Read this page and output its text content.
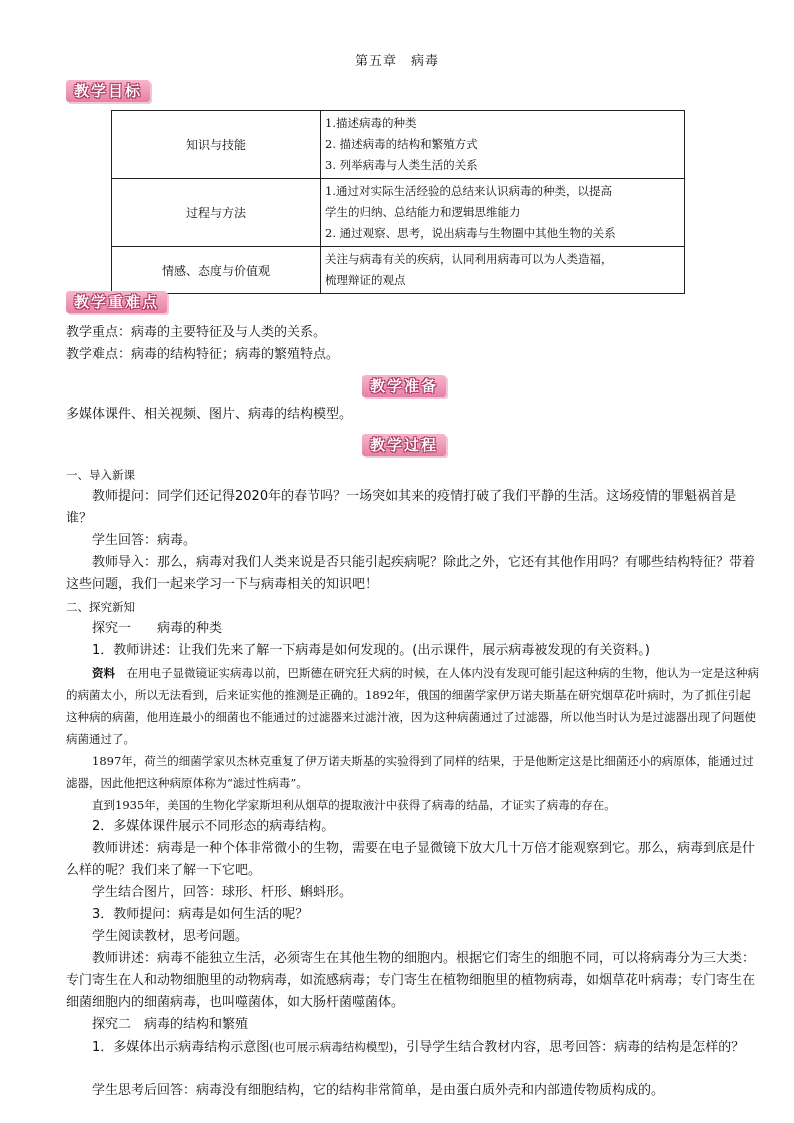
第五章　病毒
教学目标
知识与技能	1.描述病毒的种类
2. 描述病毒的结构和繁殖方式
3. 列举病毒与人类生活的关系

过程与方法	1.通过对实际生活经验的总结来认识病毒的种类，以提高
学生的归纳、总结能力和逻辑思维能力
2. 通过观察、思考，说出病毒与生物圈中其他生物的关系

情感、态度与价值观	关注与病毒有关的疾病，认同利用病毒可以为人类造福，
梳理辩证的观点
教学重难点
教学重点：病毒的主要特征及与人类的关系。
教学难点：病毒的结构特征；病毒的繁殖特点。
教学准备
多媒体课件、相关视频、图片、病毒的结构模型。
教学过程
一、导入新课
教师提问：同学们还记得2020年的春节吗？一场突如其来的疫情打破了我们平静的生活。这场疫情的罪魁祸首是谁？
学生回答：病毒。
教师导入：那么，病毒对我们人类来说是否只能引起疾病呢？除此之外，它还有其他作用吗？有哪些结构特征？带着这些问题，我们一起来学习一下与病毒相关的知识吧！
二、探究新知
探究一　　病毒的种类
1．教师讲述：让我们先来了解一下病毒是如何发现的。(出示课件，展示病毒被发现的有关资料。)
资料　 在用电子显微镜证实病毒以前，巴斯德在研究狂犬病的时候，在人体内没有发现可能引起这种病的生物，他认为一定是这种病的病菌太小，所以无法看到，后来证实他的推测是正确的。1892年，俄国的细菌学家伊万诺夫斯基在研究烟草花叶病时，为了抓住引起这种病的病菌，他用连最小的细菌也不能通过的过滤器来过滤汁液，因为这种病菌通过了过滤器，所以他当时认为是过滤器出现了问题使病菌通过了。
1897年，荷兰的细菌学家贝杰林克重复了伊万诺夫斯基的实验得到了同样的结果，于是他断定这是比细菌还小的病原体，能通过过滤器，因此他把这种病原体称为“滤过性病毒”。
直到1935年，美国的生物化学家斯坦利从烟草的提取液汁中获得了病毒的结晶，才证实了病毒的存在。
2．多媒体课件展示不同形态的病毒结构。
教师讲述：病毒是一种个体非常微小的生物，需要在电子显微镜下放大几十万倍才能观察到它。那么，病毒到底是什么样的呢？我们来了解一下它吧。
学生结合图片，回答：球形、杆形、蝌蚪形。
3．教师提问：病毒是如何生活的呢？
学生阅读教材，思考问题。
教师讲述：病毒不能独立生活，必须寄生在其他生物的细胞内。根据它们寄生的细胞不同，可以将病毒分为三大类：专门寄生在人和动物细胞里的动物病毒，如流感病毒；专门寄生在植物细胞里的植物病毒，如烟草花叶病毒；专门寄生在细菌细胞内的细菌病毒，也叫噬菌体，如大肠杆菌噬菌体。
探究二　病毒的结构和繁殖
1．多媒体出示病毒结构示意图(也可展示病毒结构模型)，引导学生结合教材内容，思考回答：病毒的结构是怎样的？
学生思考后回答：病毒没有细胞结构，它的结构非常简单，是由蛋白质外壳和内部遗传物质构成的。
